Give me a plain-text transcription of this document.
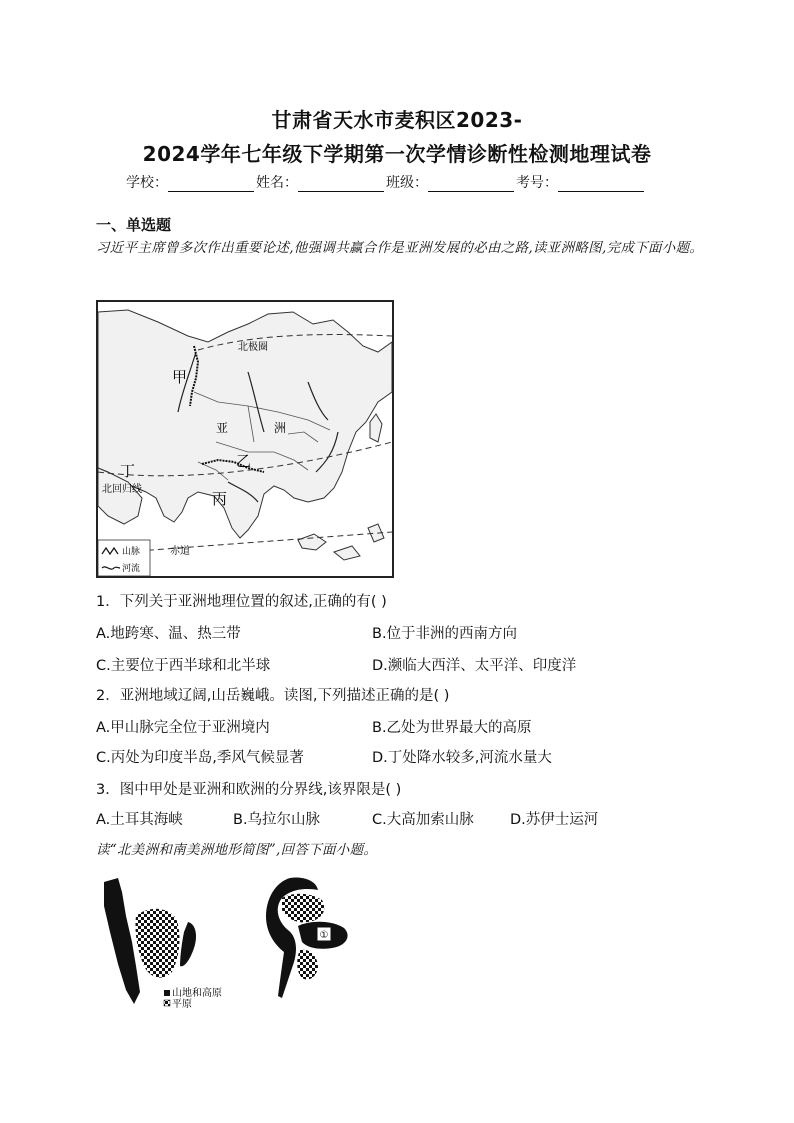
甘肃省天水市麦积区2023-
2024学年七年级下学期第一次学情诊断性检测地理试卷
学校：	姓名：	班级：	考号：
一、单选题
习近平主席曾多次作出重要论述,他强调共赢合作是亚洲发展的必由之路,读亚洲略图,完成下面小题。
北极圈
甲
亚	洲
乙
丁
北回归线
丙
赤道
山脉
河流
1．下列关于亚洲地理位置的叙述,正确的有( )
A.地跨寒、温、热三带	B.位于非洲的西南方向
C.主要位于西半球和北半球	D.濒临大西洋、太平洋、印度洋
2．亚洲地域辽阔,山岳巍峨。读图,下列描述正确的是( )
A.甲山脉完全位于亚洲境内	B.乙处为世界最大的高原
C.丙处为印度半岛,季风气候显著	D.丁处降水较多,河流水量大
3．图中甲处是亚洲和欧洲的分界线,该界限是( )
A.土耳其海峡	B.乌拉尔山脉	C.大高加索山脉	D.苏伊士运河
读“北美洲和南美洲地形简图”,回答下面小题。
①
山地和高原
平原
